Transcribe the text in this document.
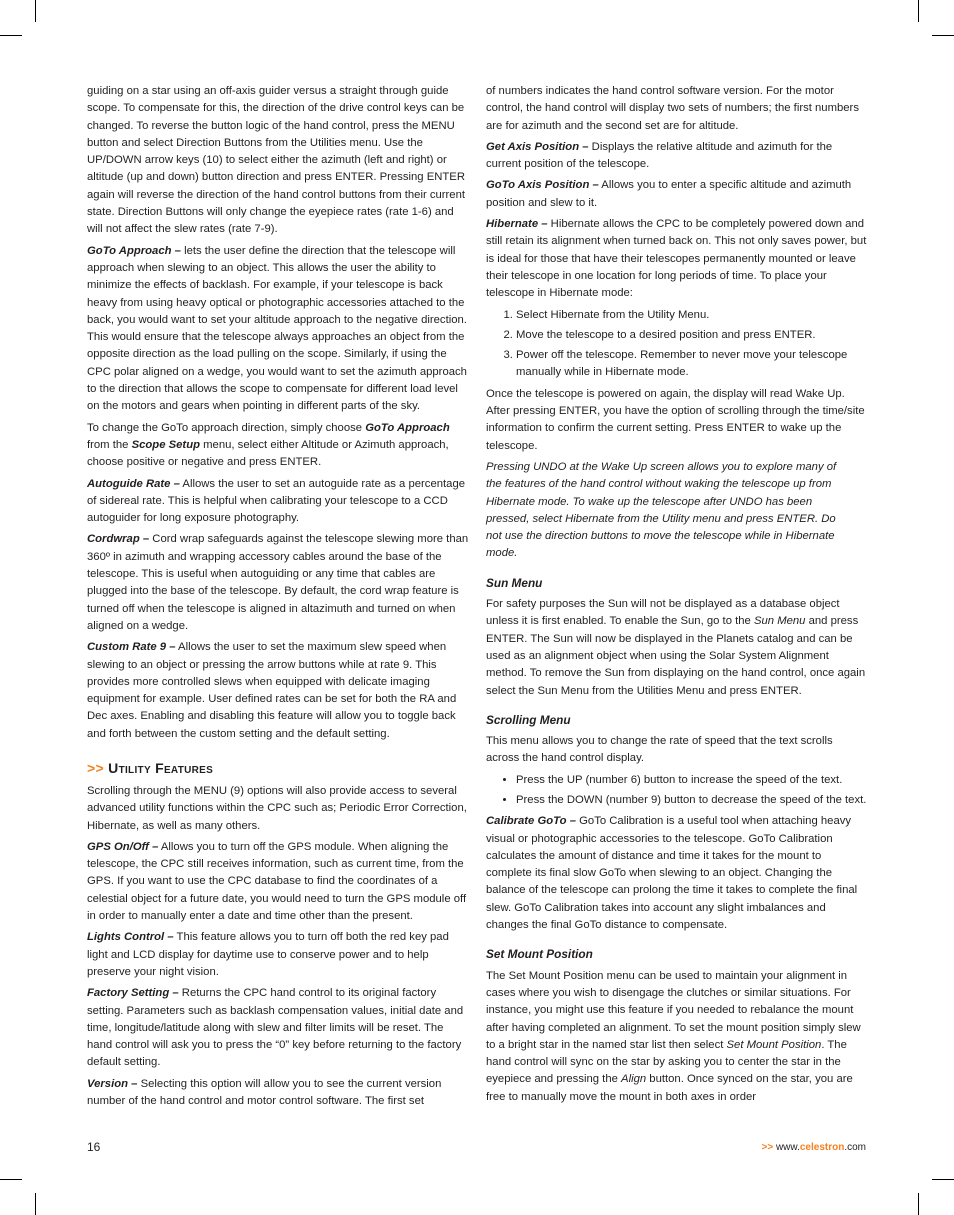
guiding on a star using an off-axis guider versus a straight through guide scope. To compensate for this, the direction of the drive control keys can be changed. To reverse the button logic of the hand control, press the MENU button and select Direction Buttons from the Utilities menu. Use the UP/DOWN arrow keys (10) to select either the azimuth (left and right) or altitude (up and down) button direction and press ENTER. Pressing ENTER again will reverse the direction of the hand control buttons from their current state. Direction Buttons will only change the eyepiece rates (rate 1-6) and will not affect the slew rates (rate 7-9).

GoTo Approach – lets the user define the direction that the telescope will approach when slewing to an object. This allows the user the ability to minimize the effects of backlash. For example, if your telescope is back heavy from using heavy optical or photographic accessories attached to the back, you would want to set your altitude approach to the negative direction. This would ensure that the telescope always approaches an object from the opposite direction as the load pulling on the scope. Similarly, if using the CPC polar aligned on a wedge, you would want to set the azimuth approach to the direction that allows the scope to compensate for different load level on the motors and gears when pointing in different parts of the sky.

To change the GoTo approach direction, simply choose GoTo Approach from the Scope Setup menu, select either Altitude or Azimuth approach, choose positive or negative and press ENTER.

Autoguide Rate – Allows the user to set an autoguide rate as a percentage of sidereal rate. This is helpful when calibrating your telescope to a CCD autoguider for long exposure photography.

Cordwrap – Cord wrap safeguards against the telescope slewing more than 360º in azimuth and wrapping accessory cables around the base of the telescope. This is useful when autoguiding or any time that cables are plugged into the base of the telescope. By default, the cord wrap feature is turned off when the telescope is aligned in altazimuth and turned on when aligned on a wedge.

Custom Rate 9 – Allows the user to set the maximum slew speed when slewing to an object or pressing the arrow buttons while at rate 9. This provides more controlled slews when equipped with delicate imaging equipment for example. User defined rates can be set for both the RA and Dec axes. Enabling and disabling this feature will allow you to toggle back and forth between the custom setting and the default setting.

>> Utility Features

Scrolling through the MENU (9) options will also provide access to several advanced utility functions within the CPC such as; Periodic Error Correction, Hibernate, as well as many others.

GPS On/Off – Allows you to turn off the GPS module. When aligning the telescope, the CPC still receives information, such as current time, from the GPS. If you want to use the CPC database to find the coordinates of a celestial object for a future date, you would need to turn the GPS module off in order to manually enter a date and time other than the present.

Lights Control – This feature allows you to turn off both the red key pad light and LCD display for daytime use to conserve power and to help preserve your night vision.

Factory Setting – Returns the CPC hand control to its original factory setting. Parameters such as backlash compensation values, initial date and time, longitude/latitude along with slew and filter limits will be reset. The hand control will ask you to press the “0” key before returning to the factory default setting.

Version – Selecting this option will allow you to see the current version number of the hand control and motor control software. The first set

of numbers indicates the hand control software version. For the motor control, the hand control will display two sets of numbers; the first numbers are for azimuth and the second set are for altitude.

Get Axis Position – Displays the relative altitude and azimuth for the current position of the telescope.

GoTo Axis Position – Allows you to enter a specific altitude and azimuth position and slew to it.

Hibernate – Hibernate allows the CPC to be completely powered down and still retain its alignment when turned back on. This not only saves power, but is ideal for those that have their telescopes permanently mounted or leave their telescope in one location for long periods of time. To place your telescope in Hibernate mode:

1. Select Hibernate from the Utility Menu.
2. Move the telescope to a desired position and press ENTER.
3. Power off the telescope. Remember to never move your telescope manually while in Hibernate mode.

Once the telescope is powered on again, the display will read Wake Up. After pressing ENTER, you have the option of scrolling through the time/site information to confirm the current setting. Press ENTER to wake up the telescope.

Pressing UNDO at the Wake Up screen allows you to explore many of the features of the hand control without waking the telescope up from Hibernate mode. To wake up the telescope after UNDO has been pressed, select Hibernate from the Utility menu and press ENTER. Do not use the direction buttons to move the telescope while in Hibernate mode.

Sun Menu

For safety purposes the Sun will not be displayed as a database object unless it is first enabled. To enable the Sun, go to the Sun Menu and press ENTER. The Sun will now be displayed in the Planets catalog and can be used as an alignment object when using the Solar System Alignment method. To remove the Sun from displaying on the hand control, once again select the Sun Menu from the Utilities Menu and press ENTER.

Scrolling Menu

This menu allows you to change the rate of speed that the text scrolls across the hand control display.

• Press the UP (number 6) button to increase the speed of the text.
• Press the DOWN (number 9) button to decrease the speed of the text.

Calibrate GoTo – GoTo Calibration is a useful tool when attaching heavy visual or photographic accessories to the telescope. GoTo Calibration calculates the amount of distance and time it takes for the mount to complete its final slow GoTo when slewing to an object. Changing the balance of the telescope can prolong the time it takes to complete the final slew. GoTo Calibration takes into account any slight imbalances and changes the final GoTo distance to compensate.

Set Mount Position

The Set Mount Position menu can be used to maintain your alignment in cases where you wish to disengage the clutches or similar situations. For instance, you might use this feature if you needed to rebalance the mount after having completed an alignment. To set the mount position simply slew to a bright star in the named star list then select Set Mount Position. The hand control will sync on the star by asking you to center the star in the eyepiece and pressing the Align button. Once synced on the star, you are free to manually move the mount in both axes in order

16	>> www.celestron.com
